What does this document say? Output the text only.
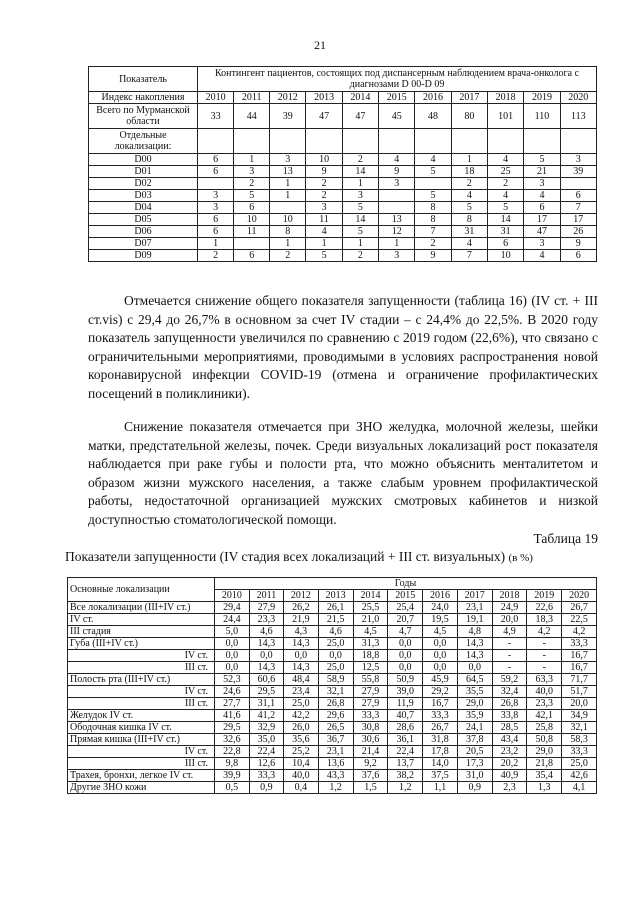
21
Показатель	Контингент пациентов, состоящих под диспансерным наблюдением врача-онколога с диагнозами D 00-D 09										
Индекс накопления	2010	2011	2012	2013	2014	2015	2016	2017	2018	2019	2020
Всего по Мурманской области	33	44	39	47	47	45	48	80	101	110	113
Отдельные локализации:											
D00	6	1	3	10	2	4	4	1	4	5	3
D01	6	3	13	9	14	9	5	18	25	21	39
D02		2	1	2	1	3		2	2	3	
D03	3	5	1	2	3		5	4	4	4	6
D04	3	6		3	5		8	5	5	6	7
D05	6	10	10	11	14	13	8	8	14	17	17
D06	6	11	8	4	5	12	7	31	31	47	26
D07	1		1	1	1	1	2	4	6	3	9
D09	2	6	2	5	2	3	9	7	10	4	6

Отмечается снижение общего показателя запущенности (таблица 16) (IV ст. + III ст.vis) с 29,4 до 26,7% в основном за счет IV стадии – с 24,4% до 22,5%. В 2020 году показатель запущенности увеличился по сравнению с 2019 годом (22,6%), что связано с ограничительными мероприятиями, проводимыми в условиях распространения новой коронавирусной инфекции COVID-19 (отмена и ограничение профилактических посещений в поликлиники).

Снижение показателя отмечается при ЗНО желудка, молочной железы, шейки матки, предстательной железы, почек. Среди визуальных локализаций рост показателя наблюдается при раке губы и полости рта, что можно объяснить менталитетом и образом жизни мужского населения, а также слабым уровнем профилактической работы, недостаточной организацией мужских смотровых кабинетов и низкой доступностью стоматологической помощи.

Таблица 19
Показатели запущенности (IV стадия всех локализаций + III ст. визуальных) (в %)
Основные локализации	Годы										
	2010	2011	2012	2013	2014	2015	2016	2017	2018	2019	2020
Все локализации (III+IV ст.)	29,4	27,9	26,2	26,1	25,5	25,4	24,0	23,1	24,9	22,6	26,7
IV ст.	24,4	23,3	21,9	21,5	21,0	20,7	19,5	19,1	20,0	18,3	22,5
III стадия	5,0	4,6	4,3	4,6	4,5	4,7	4,5	4,8	4,9	4,2	4,2
Губа (III+IV ст.)	0,0	14,3	14,3	25,0	31,3	0,0	0,0	14,3	-	-	33,3
IV ст.	0,0	0,0	0,0	0,0	18,8	0,0	0,0	14,3	-	-	16,7
III ст.	0,0	14,3	14,3	25,0	12,5	0,0	0,0	0,0	-	-	16,7
Полость рта (III+IV ст.)	52,3	60,6	48,4	58,9	55,8	50,9	45,9	64,5	59,2	63,3	71,7
IV ст.	24,6	29,5	23,4	32,1	27,9	39,0	29,2	35,5	32,4	40,0	51,7
III ст.	27,7	31,1	25,0	26,8	27,9	11,9	16,7	29,0	26,8	23,3	20,0
Желудок IV ст.	41,6	41,2	42,2	29,6	33,3	40,7	33,3	35,9	33,8	42,1	34,9
Ободочная кишка IV ст.	29,5	32,9	26,0	26,5	30,8	28,6	26,7	24,1	28,5	25,8	32,1
Прямая кишка (III+IV ст.)	32,6	35,0	35,6	36,7	30,6	36,1	31,8	37,8	43,4	50,8	58,3
IV ст.	22,8	22,4	25,2	23,1	21,4	22,4	17,8	20,5	23,2	29,0	33,3
III ст.	9,8	12,6	10,4	13,6	9,2	13,7	14,0	17,3	20,2	21,8	25,0
Трахея, бронхи, легкое IV ст.	39,9	33,3	40,0	43,3	37,6	38,2	37,5	31,0	40,9	35,4	42,6
Другие ЗНО кожи	0,5	0,9	0,4	1,2	1,5	1,2	1,1	0,9	2,3	1,3	4,1
